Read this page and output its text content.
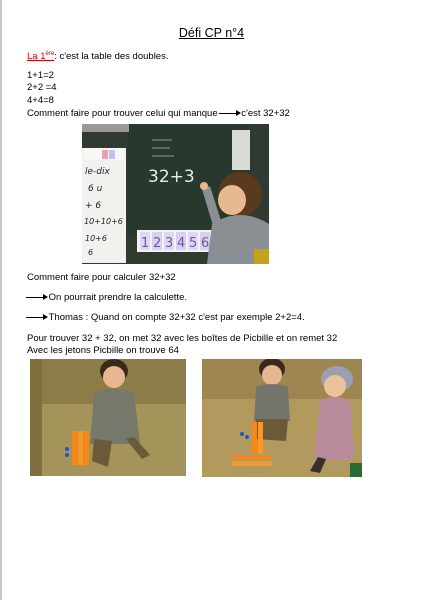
Défi CP n°4
La 1ère: c'est la table des doubles.
1+1=2
2+2 =4
4+4=8
Comment faire pour trouver celui qui manque c'est 32+32
le-dix
6 u
+ 6
10+10+6
10+6
6
32+3
1 2 3 4 5 6
Comment faire pour calculer 32+32
On pourrait prendre la calculette.
Thomas : Quand on compte 32+32 c'est par exemple 2+2=4.
Pour trouver 32 + 32, on met 32 avec les boîtes de Picbille et on remet 32
Avec les jetons Picbille on trouve 64
